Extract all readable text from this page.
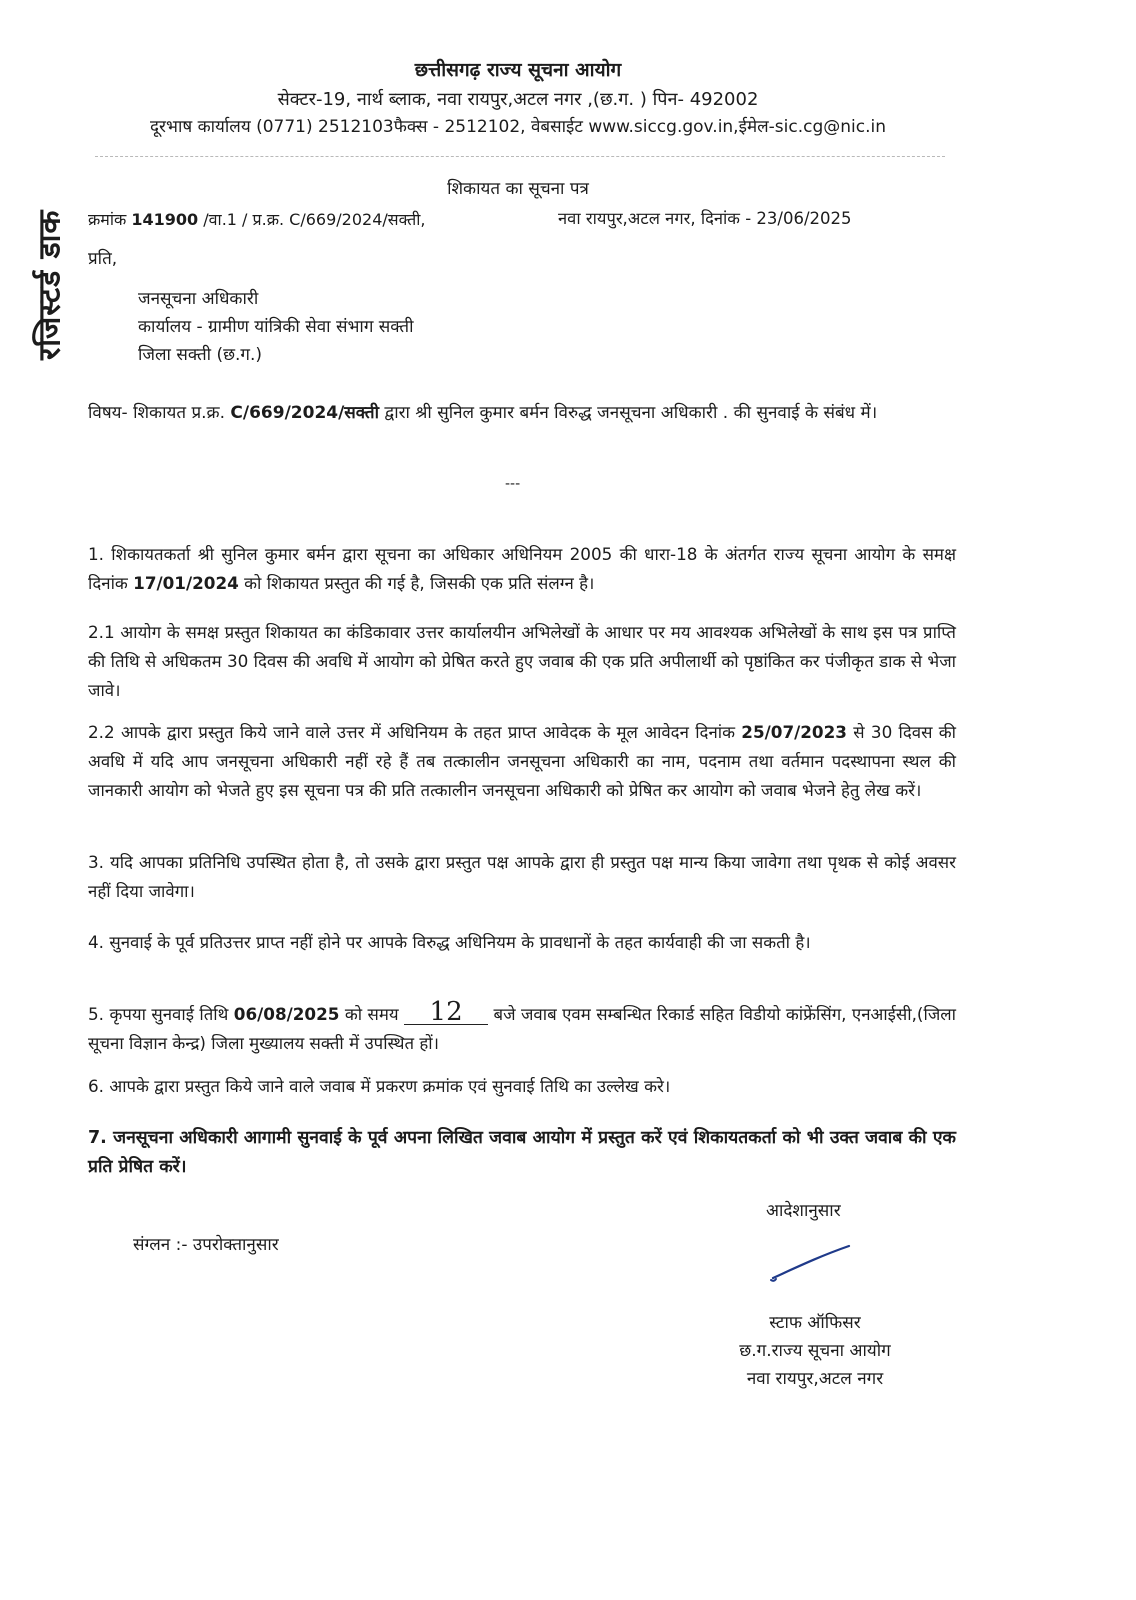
छत्तीसगढ़ राज्य सूचना आयोग
सेक्टर-19, नार्थ ब्लाक, नवा रायपुर,अटल नगर ,(छ.ग. ) पिन- 492002
दूरभाष कार्यालय (0771) 2512103फैक्स - 2512102, वेबसाईट www.siccg.gov.in,ईमेल-sic.cg@nic.in
शिकायत का सूचना पत्र
रजिस्टर्ड डाक	क्रमांक 141900 /वा.1 / प्र.क्र. C/669/2024/सक्ती,	नवा रायपुर,अटल नगर, दिनांक - 23/06/2025
प्रति,
जनसूचना अधिकारी
कार्यालय - ग्रामीण यांत्रिकी सेवा संभाग सक्ती
जिला सक्ती (छ.ग.)
विषय- शिकायत प्र.क्र. C/669/2024/सक्ती द्वारा श्री सुनिल कुमार बर्मन विरुद्ध जनसूचना अधिकारी . की सुनवाई के संबंध में।
---
1. शिकायतकर्ता श्री सुनिल कुमार बर्मन द्वारा सूचना का अधिकार अधिनियम 2005 की धारा-18 के अंतर्गत राज्य सूचना आयोग के समक्ष दिनांक 17/01/2024 को शिकायत प्रस्तुत की गई है, जिसकी एक प्रति संलग्न है।
2.1 आयोग के समक्ष प्रस्तुत शिकायत का कंडिकावार उत्तर कार्यालयीन अभिलेखों के आधार पर मय आवश्यक अभिलेखों के साथ इस पत्र प्राप्ति की तिथि से अधिकतम 30 दिवस की अवधि में आयोग को प्रेषित करते हुए जवाब की एक प्रति अपीलार्थी को पृष्ठांकित कर पंजीकृत डाक से भेजा जावे।
2.2 आपके द्वारा प्रस्तुत किये जाने वाले उत्तर में अधिनियम के तहत प्राप्त आवेदक के मूल आवेदन दिनांक 25/07/2023 से 30 दिवस की अवधि में यदि आप जनसूचना अधिकारी नहीं रहे हैं तब तत्कालीन जनसूचना अधिकारी का नाम, पदनाम तथा वर्तमान पदस्थापना स्थल की जानकारी आयोग को भेजते हुए इस सूचना पत्र की प्रति तत्कालीन जनसूचना अधिकारी को प्रेषित कर आयोग को जवाब भेजने हेतु लेख करें।
3. यदि आपका प्रतिनिधि उपस्थित होता है, तो उसके द्वारा प्रस्तुत पक्ष आपके द्वारा ही प्रस्तुत पक्ष मान्य किया जावेगा तथा पृथक से कोई अवसर नहीं दिया जावेगा।
4. सुनवाई के पूर्व प्रतिउत्तर प्राप्त नहीं होने पर आपके विरुद्ध अधिनियम के प्रावधानों के तहत कार्यवाही की जा सकती है।
5. कृपया सुनवाई तिथि 06/08/2025 को समय 12 बजे जवाब एवम सम्बन्धित रिकार्ड सहित विडीयो कांफ्रेंसिंग, एनआईसी,(जिला सूचना विज्ञान केन्द्र) जिला मुख्यालय सक्ती में उपस्थित हों।
6. आपके द्वारा प्रस्तुत किये जाने वाले जवाब में प्रकरण क्रमांक एवं सुनवाई तिथि का उल्लेख करे।
7. जनसूचना अधिकारी आगामी सुनवाई के पूर्व अपना लिखित जवाब आयोग में प्रस्तुत करें एवं शिकायतकर्ता को भी उक्त जवाब की एक प्रति प्रेषित करें।
संग्लन :- उपरोक्तानुसार
आदेशानुसार
स्टाफ ऑफिसर
छ.ग.राज्य सूचना आयोग
नवा रायपुर,अटल नगर
